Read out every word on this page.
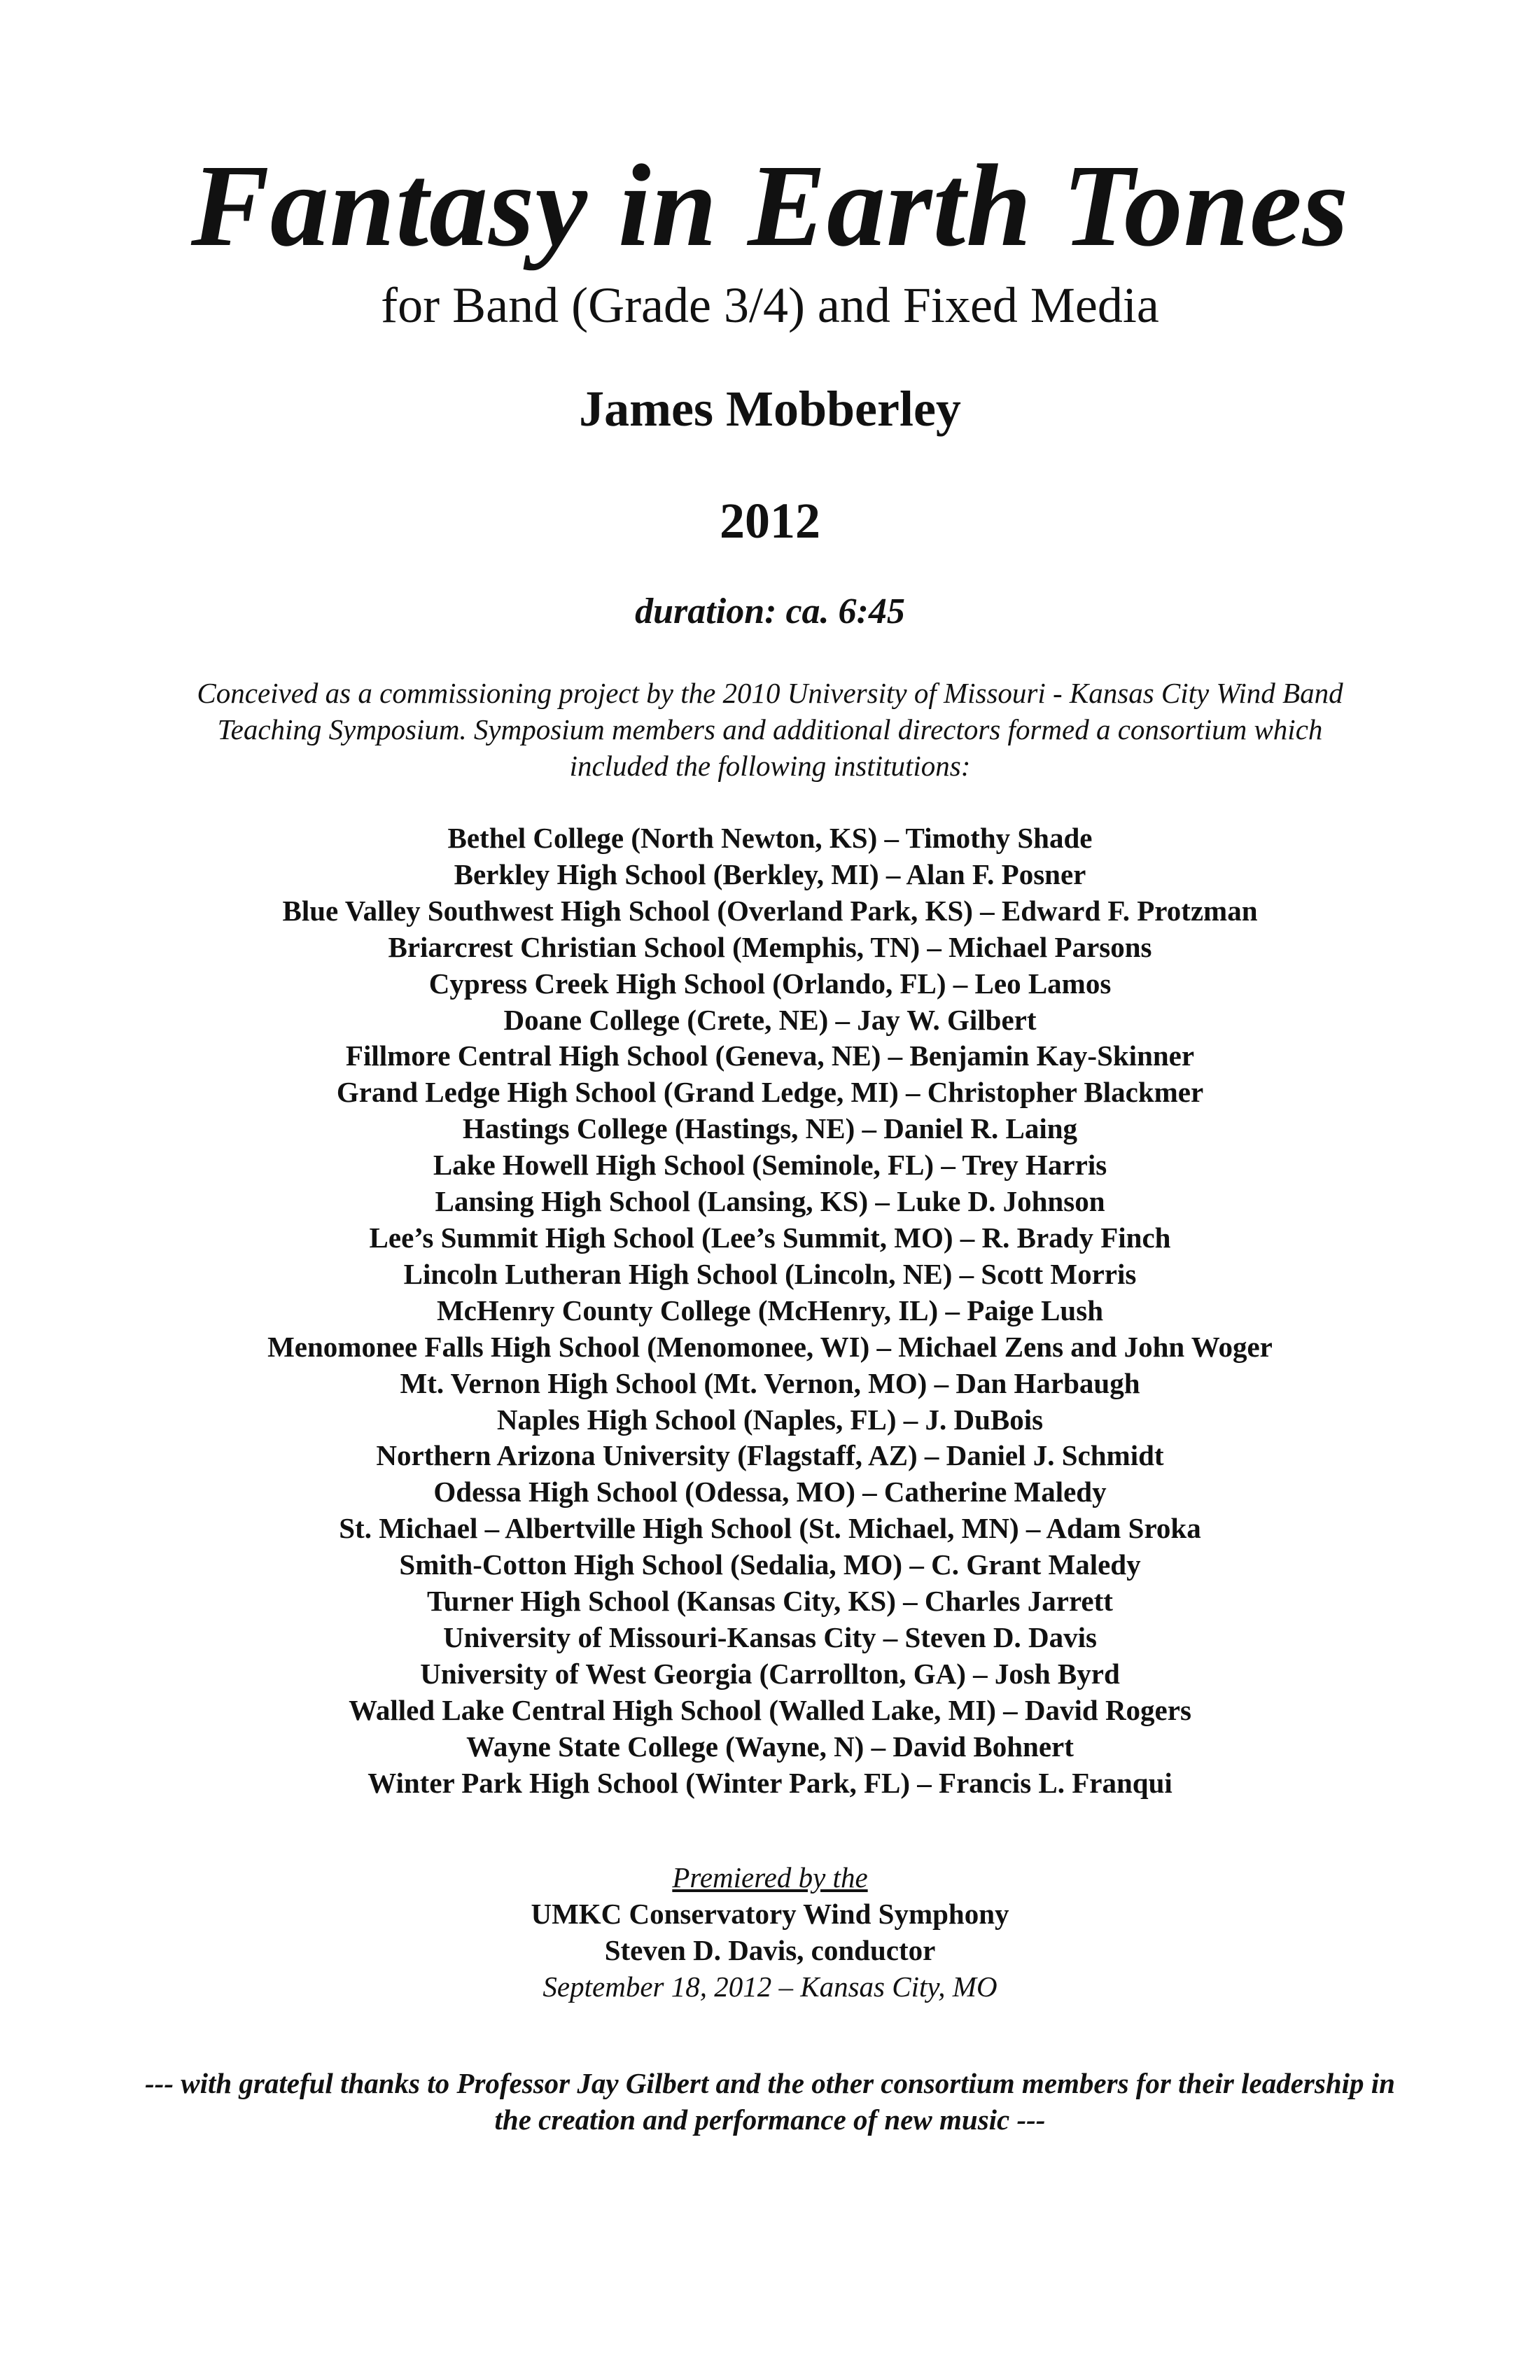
Fantasy in Earth Tones
for Band (Grade 3/4) and Fixed Media
James Mobberley
2012
duration: ca. 6:45
Conceived as a commissioning project by the 2010 University of Missouri - Kansas City Wind Band Teaching Symposium. Symposium members and additional directors formed a consortium which included the following institutions:
Bethel College (North Newton, KS) – Timothy Shade
Berkley High School (Berkley, MI) – Alan F. Posner
Blue Valley Southwest High School (Overland Park, KS) – Edward F. Protzman
Briarcrest Christian School (Memphis, TN) – Michael Parsons
Cypress Creek High School (Orlando, FL) – Leo Lamos
Doane College (Crete, NE) – Jay W. Gilbert
Fillmore Central High School (Geneva, NE) – Benjamin Kay-Skinner
Grand Ledge High School (Grand Ledge, MI) – Christopher Blackmer
Hastings College (Hastings, NE) – Daniel R. Laing
Lake Howell High School (Seminole, FL) – Trey Harris
Lansing High School (Lansing, KS) – Luke D. Johnson
Lee’s Summit High School (Lee’s Summit, MO) – R. Brady Finch
Lincoln Lutheran High School (Lincoln, NE) – Scott Morris
McHenry County College (McHenry, IL) – Paige Lush
Menomonee Falls High School (Menomonee, WI) – Michael Zens and John Woger
Mt. Vernon High School (Mt. Vernon, MO) – Dan Harbaugh
Naples High School (Naples, FL) – J. DuBois
Northern Arizona University (Flagstaff, AZ) – Daniel J. Schmidt
Odessa High School (Odessa, MO) – Catherine Maledy
St. Michael – Albertville High School (St. Michael, MN) – Adam Sroka
Smith-Cotton High School (Sedalia, MO) – C. Grant Maledy
Turner High School (Kansas City, KS) – Charles Jarrett
University of Missouri-Kansas City – Steven D. Davis
University of West Georgia (Carrollton, GA) – Josh Byrd
Walled Lake Central High School (Walled Lake, MI) – David Rogers
Wayne State College (Wayne, N) – David Bohnert
Winter Park High School (Winter Park, FL) – Francis L. Franqui
Premiered by the
UMKC Conservatory Wind Symphony
Steven D. Davis, conductor
September 18, 2012 – Kansas City, MO
--- with grateful thanks to Professor Jay Gilbert and the other consortium members for their leadership in the creation and performance of new music ---
